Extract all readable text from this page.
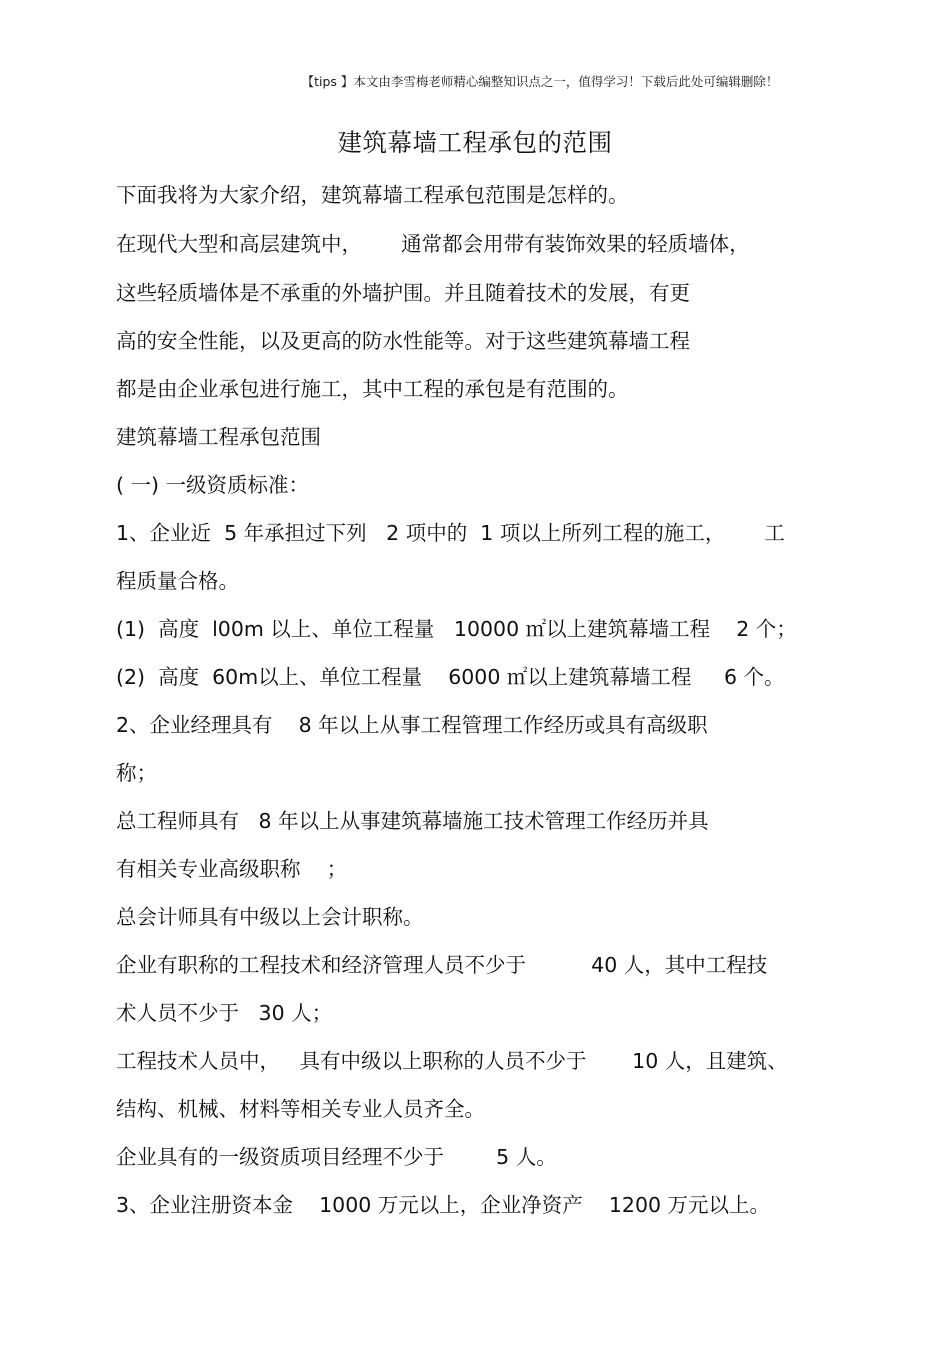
【tips 】本文由李雪梅老师精心编整知识点之一，值得学习！下载后此处可编辑删除！
建筑幕墙工程承包的范围
下面我将为大家介绍，建筑幕墙工程承包范围是怎样的。
在现代大型和高层建筑中，      通常都会用带有装饰效果的轻质墙体，
这些轻质墙体是不承重的外墙护围。并且随着技术的发展，有更
高的安全性能，以及更高的防水性能等。对于这些建筑幕墙工程
都是由企业承包进行施工，其中工程的承包是有范围的。
建筑幕墙工程承包范围
( 一) 一级资质标准：
1、企业近  5 年承担过下列   2 项中的  1 项以上所列工程的施工，      工
程质量合格。
(1)  高度  l00m 以上、单位工程量   10000 ㎡以上建筑幕墙工程    2 个；
(2)  高度  60m以上、单位工程量    6000 ㎡以上建筑幕墙工程     6 个。
2、企业经理具有    8 年以上从事工程管理工作经历或具有高级职
称；
总工程师具有   8 年以上从事建筑幕墙施工技术管理工作经历并具
有相关专业高级职称    ；
总会计师具有中级以上会计职称。
企业有职称的工程技术和经济管理人员不少于          40 人，其中工程技
术人员不少于   30 人；
工程技术人员中，   具有中级以上职称的人员不少于       10 人，且建筑、
结构、机械、材料等相关专业人员齐全。
企业具有的一级资质项目经理不少于        5 人。
3、企业注册资本金    1000 万元以上，企业净资产    1200 万元以上。
